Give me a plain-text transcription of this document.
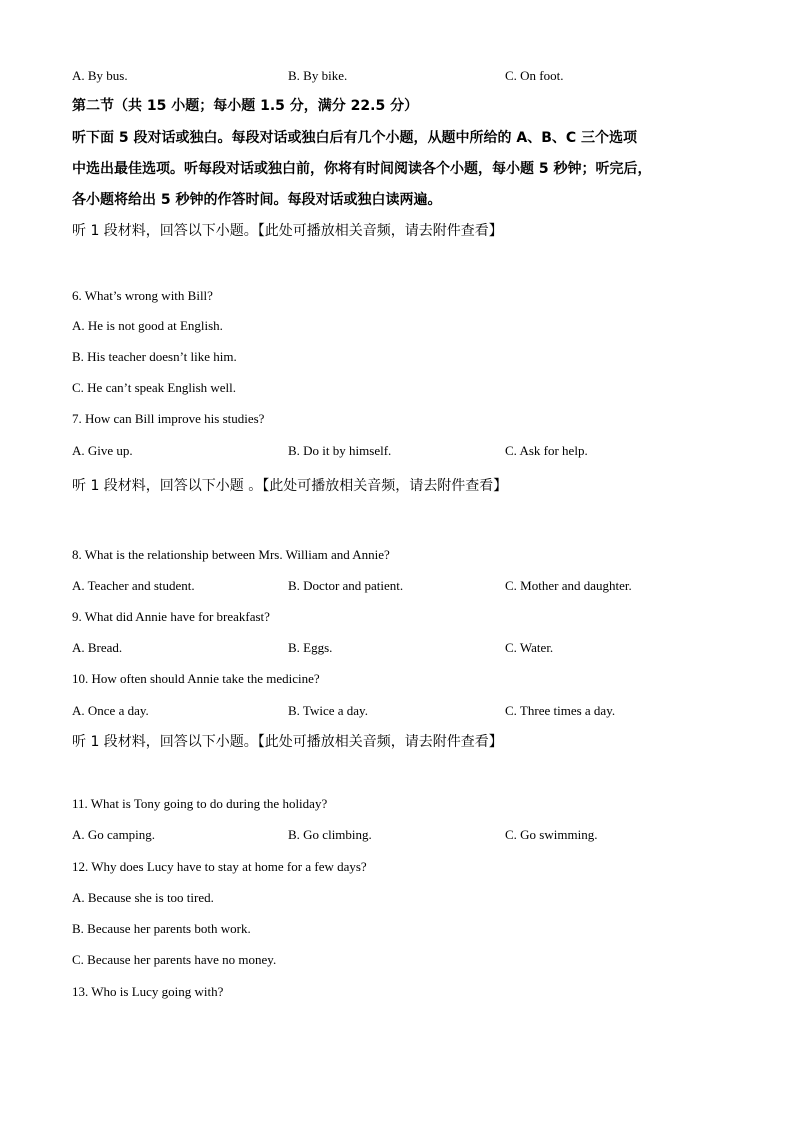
A. By bus.	B. By bike.	C. On foot.
第二节（共 15 小题；每小题 1.5 分，满分 22.5 分）
听下面 5 段对话或独白。每段对话或独白后有几个小题，从题中所给的 A、B、C 三个选项
中选出最佳选项。听每段对话或独白前，你将有时间阅读各个小题，每小题 5 秒钟；听完后，
各小题将给出 5 秒钟的作答时间。每段对话或独白读两遍。
听 1 段材料，回答以下小题。【此处可播放相关音频，请去附件查看】
6. What’s wrong with Bill?
A. He is not good at English.
B. His teacher doesn’t like him.
C. He can’t speak English well.
7. How can Bill improve his studies?
A. Give up.	B. Do it by himself.	C. Ask for help.
听 1 段材料，回答以下小题 。【此处可播放相关音频，请去附件查看】
8. What is the relationship between Mrs. William and Annie?
A. Teacher and student.	B. Doctor and patient.	C. Mother and daughter.
9. What did Annie have for breakfast?
A. Bread.	B. Eggs.	C. Water.
10. How often should Annie take the medicine?
A. Once a day.	B. Twice a day.	C. Three times a day.
听 1 段材料，回答以下小题。【此处可播放相关音频，请去附件查看】
11. What is Tony going to do during the holiday?
A. Go camping.	B. Go climbing.	C. Go swimming.
12. Why does Lucy have to stay at home for a few days?
A. Because she is too tired.
B. Because her parents both work.
C. Because her parents have no money.
13. Who is Lucy going with?
